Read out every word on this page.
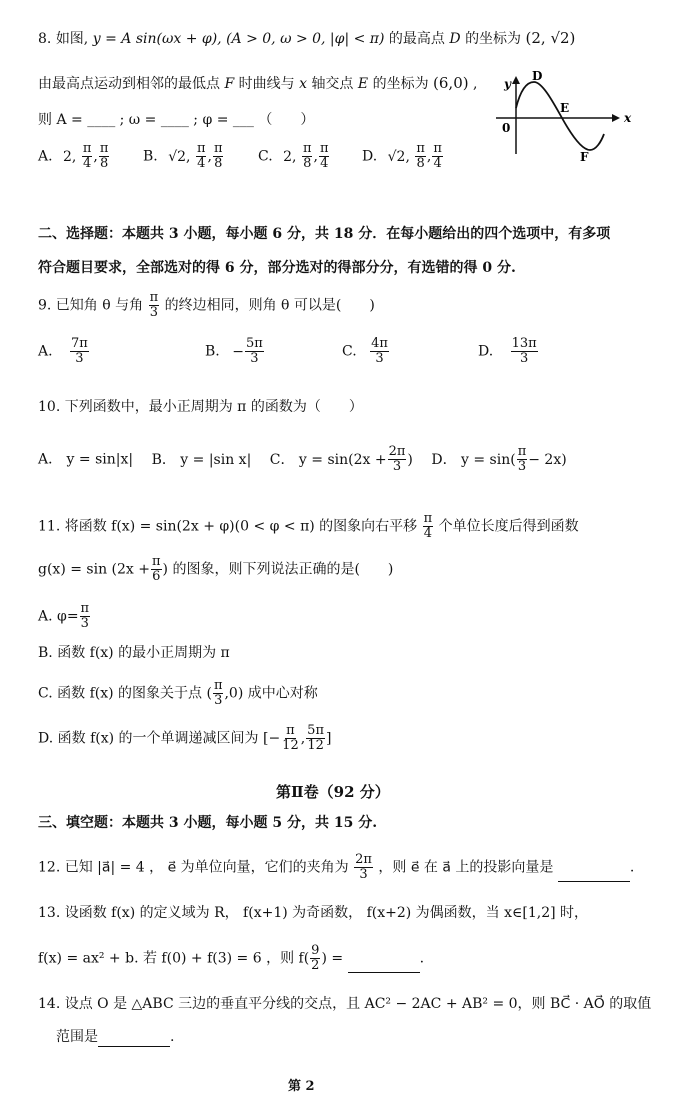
8. 如图, y = A sin(ωx + φ), (A > 0, ω > 0, |φ| < π) 的最高点 D 的坐标为 (2, √2)
由最高点运动到相邻的最低点 F 时曲线与 x 轴交点 E 的坐标为 (6,0) ,
则 A = ____ ; ω = ____ ; φ = ___ （　　）
A. 2, $\frac{\pi}{4}$ , $\frac{\pi}{8} B$. √2, $\frac{\pi}{4}$ , $\frac{\pi}{8} C$. 2, $\frac{\pi}{8}$ , $\frac{\pi}{4} D$. √2, $\frac{\pi}{8}$ , $\frac{\pi}{4}$
y
x
0
D
E
F
二、选择题：本题共 3 小题，每小题 6 分，共 18 分．在每小题给出的四个选项中，有多项
符合题目要求，全部选对的得 6 分，部分选对的得部分分，有选错的得 0 分.
9. 已知角 θ 与角 $\frac{\pi}{3}$ 的终边相同，则角 θ 可以是(　　)
A. $\frac{7\pi}{3}$	B. − $\frac{5\pi}{3}$	C. $\frac{4\pi}{3}$	D. $\frac{13\pi}{3}$
10. 下列函数中，最小正周期为 π 的函数为（　　）
A． y = sin|x| B． y = |sin x| C． $y = \sin(2x + \frac{2\pi}{3}$ ) D． $y = \sin( \frac{\pi}{3} - 2x)$
11. 将函数 f(x) = sin(2x + φ)(0 < φ < π) 的图象向右平移 $\frac{\pi}{4}$ 个单位长度后得到函数
$g(x) = \sin (2x + \frac{\pi}{6}$ ) 的图象，则下列说法正确的是(　　)
A. $\varphi= \frac{\pi}{3}$
B. 函数 f(x) 的最小正周期为 π
C. 函数 f(x) 的图象关于点 ( $\frac{\pi}{3} ,0$) 成中心对称
D. 函数 f(x) 的一个单调递减区间为 [− $\frac{\pi}{12}$ , $\frac{5\pi}{12}$ ]
第Ⅱ卷（92 分）
三、填空题：本题共 3 小题，每小题 5 分，共 15 分.
12. 已知 |a⃗| = 4 ， e⃗ 为单位向量，它们的夹角为 $\frac{2\pi}{3}$ ，则 e⃗ 在 a⃗ 上的投影向量是	.
13. 设函数 f(x) 的定义域为 R， f(x+1) 为奇函数， f(x+2) 为偶函数，当 x∈[1,2] 时，
f(x) = ax² + b. 若 f(0) + f(3) = 6 ，则 $f( \frac{9}{2}$ ) =	.
14. 设点 O 是 △ABC 三边的垂直平分线的交点，且 AC² − 2AC + AB² = 0，则 BC⃗ · AO⃗ 的取值
范围是	.
第 2
